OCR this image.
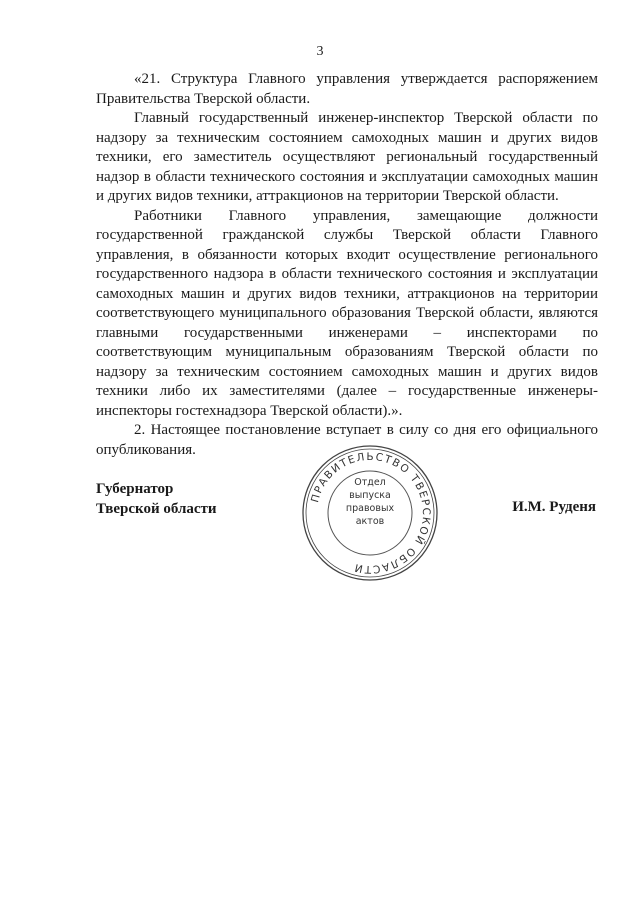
3

«21. Структура Главного управления утверждается распоряжением Правительства Тверской области.

Главный государственный инженер-инспектор Тверской области по надзору за техническим состоянием самоходных машин и других видов техники, его заместитель осуществляют региональный государственный надзор в области технического состояния и эксплуатации самоходных машин и других видов техники, аттракционов на территории Тверской области.

Работники Главного управления, замещающие должности государственной гражданской службы Тверской области Главного управления, в обязанности которых входит осуществление регионального государственного надзора в области технического состояния и эксплуатации самоходных машин и других видов техники, аттракционов на территории соответствующего муниципального образования Тверской области, являются главными государственными инженерами – инспекторами по соответствующим муниципальным образованиям Тверской области по надзору за техническим состоянием самоходных машин и других видов техники либо их заместителями (далее – государственные инженеры-инспекторы гостехнадзора Тверской области).».

2. Настоящее постановление вступает в силу со дня его официального опубликования.

Губернатор
Тверской области
ПРАВИТЕЛЬСТВО ТВЕРСКОЙ ОБЛАСТИ
Отдел
выпуска
правовых
актов
И.М. Руденя
